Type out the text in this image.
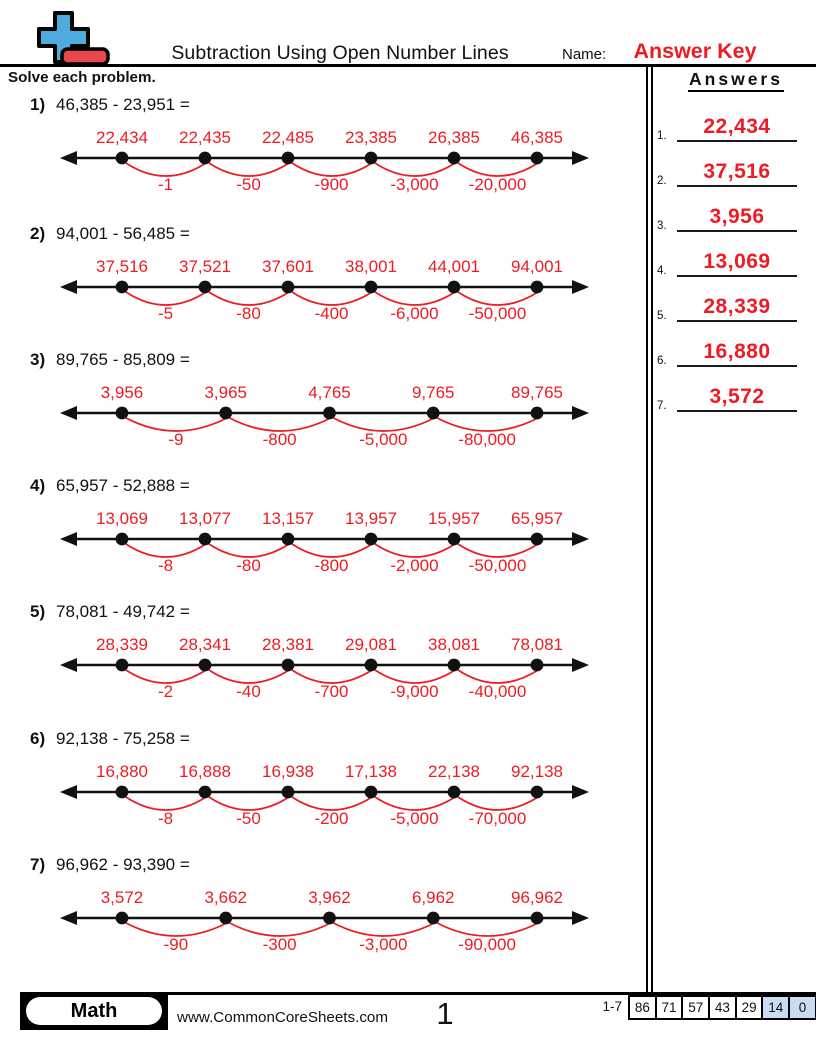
Subtraction Using Open Number Lines	Name:	Answer Key
Solve each problem.
1) 46,385 - 23,951 =
-1	-50	-900 -3,000 -20,000
22,434 22,435 22,485 23,385 26,385 46,385
2) 94,001 - 56,485 =
-5	-80	-400 -6,000 -50,000
37,516 37,521 37,601 38,001 44,001 94,001
3) 89,765 - 85,809 =
-9	-800	-5,000	-80,000
3,956	3,965	4,765	9,765	89,765
4) 65,957 - 52,888 =
-8	-80	-800 -2,000 -50,000
13,069 13,077 13,157 13,957 15,957 65,957
5) 78,081 - 49,742 =
-2	-40	-700 -9,000 -40,000
28,339 28,341 28,381 29,081 38,081 78,081
6) 92,138 - 75,258 =
-8	-50	-200 -5,000 -70,000
16,880 16,888 16,938 17,138 22,138 92,138
7) 96,962 - 93,390 =
-90	-300	-3,000	-90,000
3,572	3,662	3,962	6,962	96,962
Answers
1.	22,434
2.	37,516
3.	3,956
4.	13,069
5.	28,339
6.	16,880
7.	3,572
Math	www.CommonCoreSheets.com	1	1-7 86 71 57 43 29 14	0
